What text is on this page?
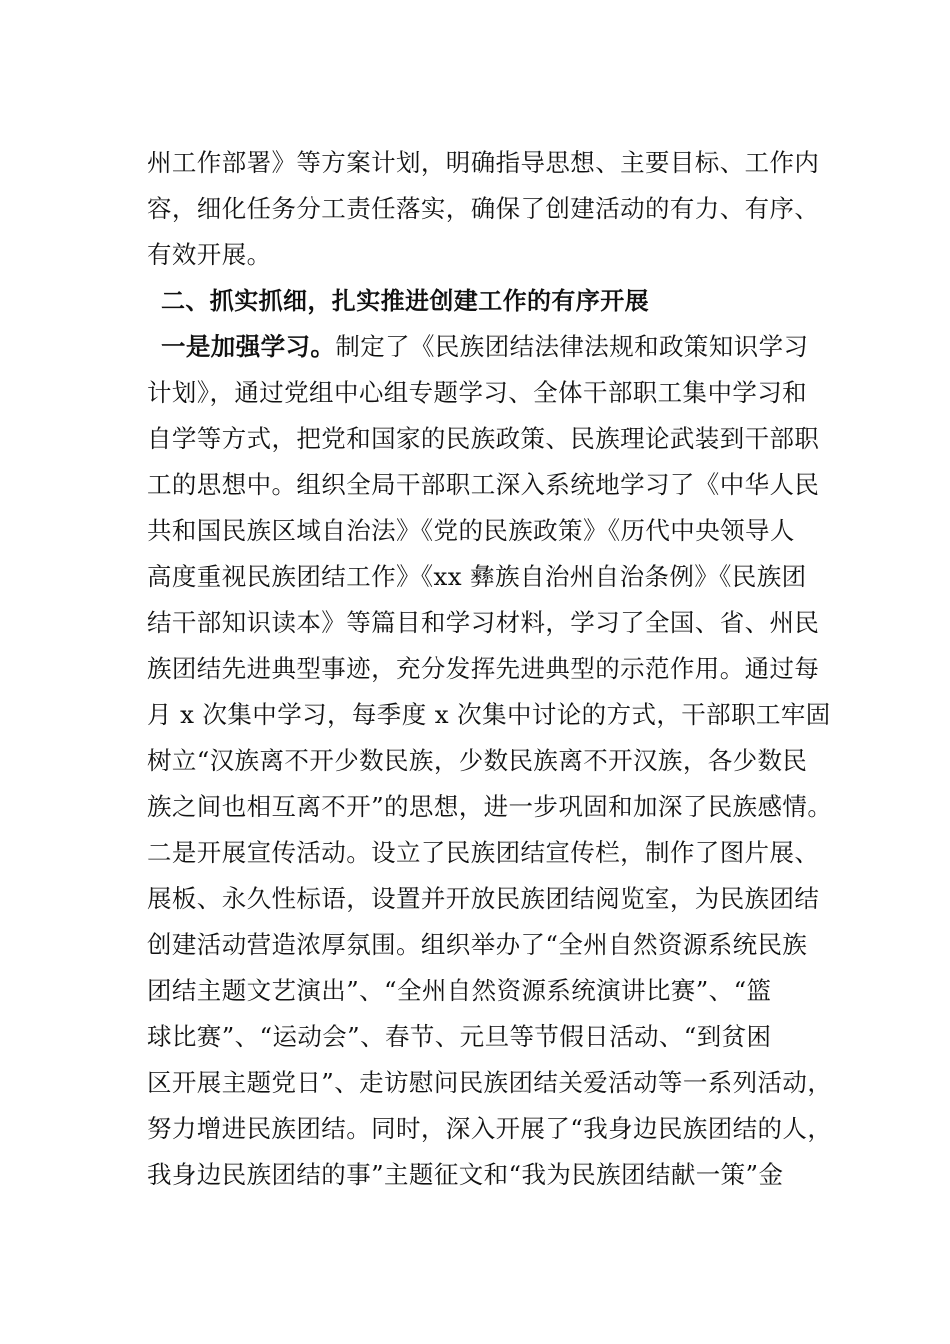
州工作部署》等方案计划，明确指导思想、主要目标、工作内
容，细化任务分工责任落实，确保了创建活动的有力、有序、
有效开展。
二、抓实抓细，扎实推进创建工作的有序开展
一是加强学习。制定了《民族团结法律法规和政策知识学习
计划》，通过党组中心组专题学习、全体干部职工集中学习和
自学等方式，把党和国家的民族政策、民族理论武装到干部职
工的思想中。组织全局干部职工深入系统地学习了《中华人民
共和国民族区域自治法》《党的民族政策》《历代中央领导人
高度重视民族团结工作》《xx 彝族自治州自治条例》《民族团
结干部知识读本》等篇目和学习材料，学习了全国、省、州民
族团结先进典型事迹，充分发挥先进典型的示范作用。通过每
月 x 次集中学习，每季度 x 次集中讨论的方式，干部职工牢固
树立“汉族离不开少数民族，少数民族离不开汉族，各少数民
族之间也相互离不开”的思想，进一步巩固和加深了民族感情。
二是开展宣传活动。设立了民族团结宣传栏，制作了图片展、
展板、永久性标语，设置并开放民族团结阅览室，为民族团结
创建活动营造浓厚氛围。组织举办了“全州自然资源系统民族
团结主题文艺演出”、“全州自然资源系统演讲比赛”、“篮
球比赛”、“运动会”、春节、元旦等节假日活动、“到贫困
区开展主题党日”、走访慰问民族团结关爱活动等一系列活动，
努力增进民族团结。同时，深入开展了“我身边民族团结的人，
我身边民族团结的事”主题征文和“我为民族团结献一策”金
